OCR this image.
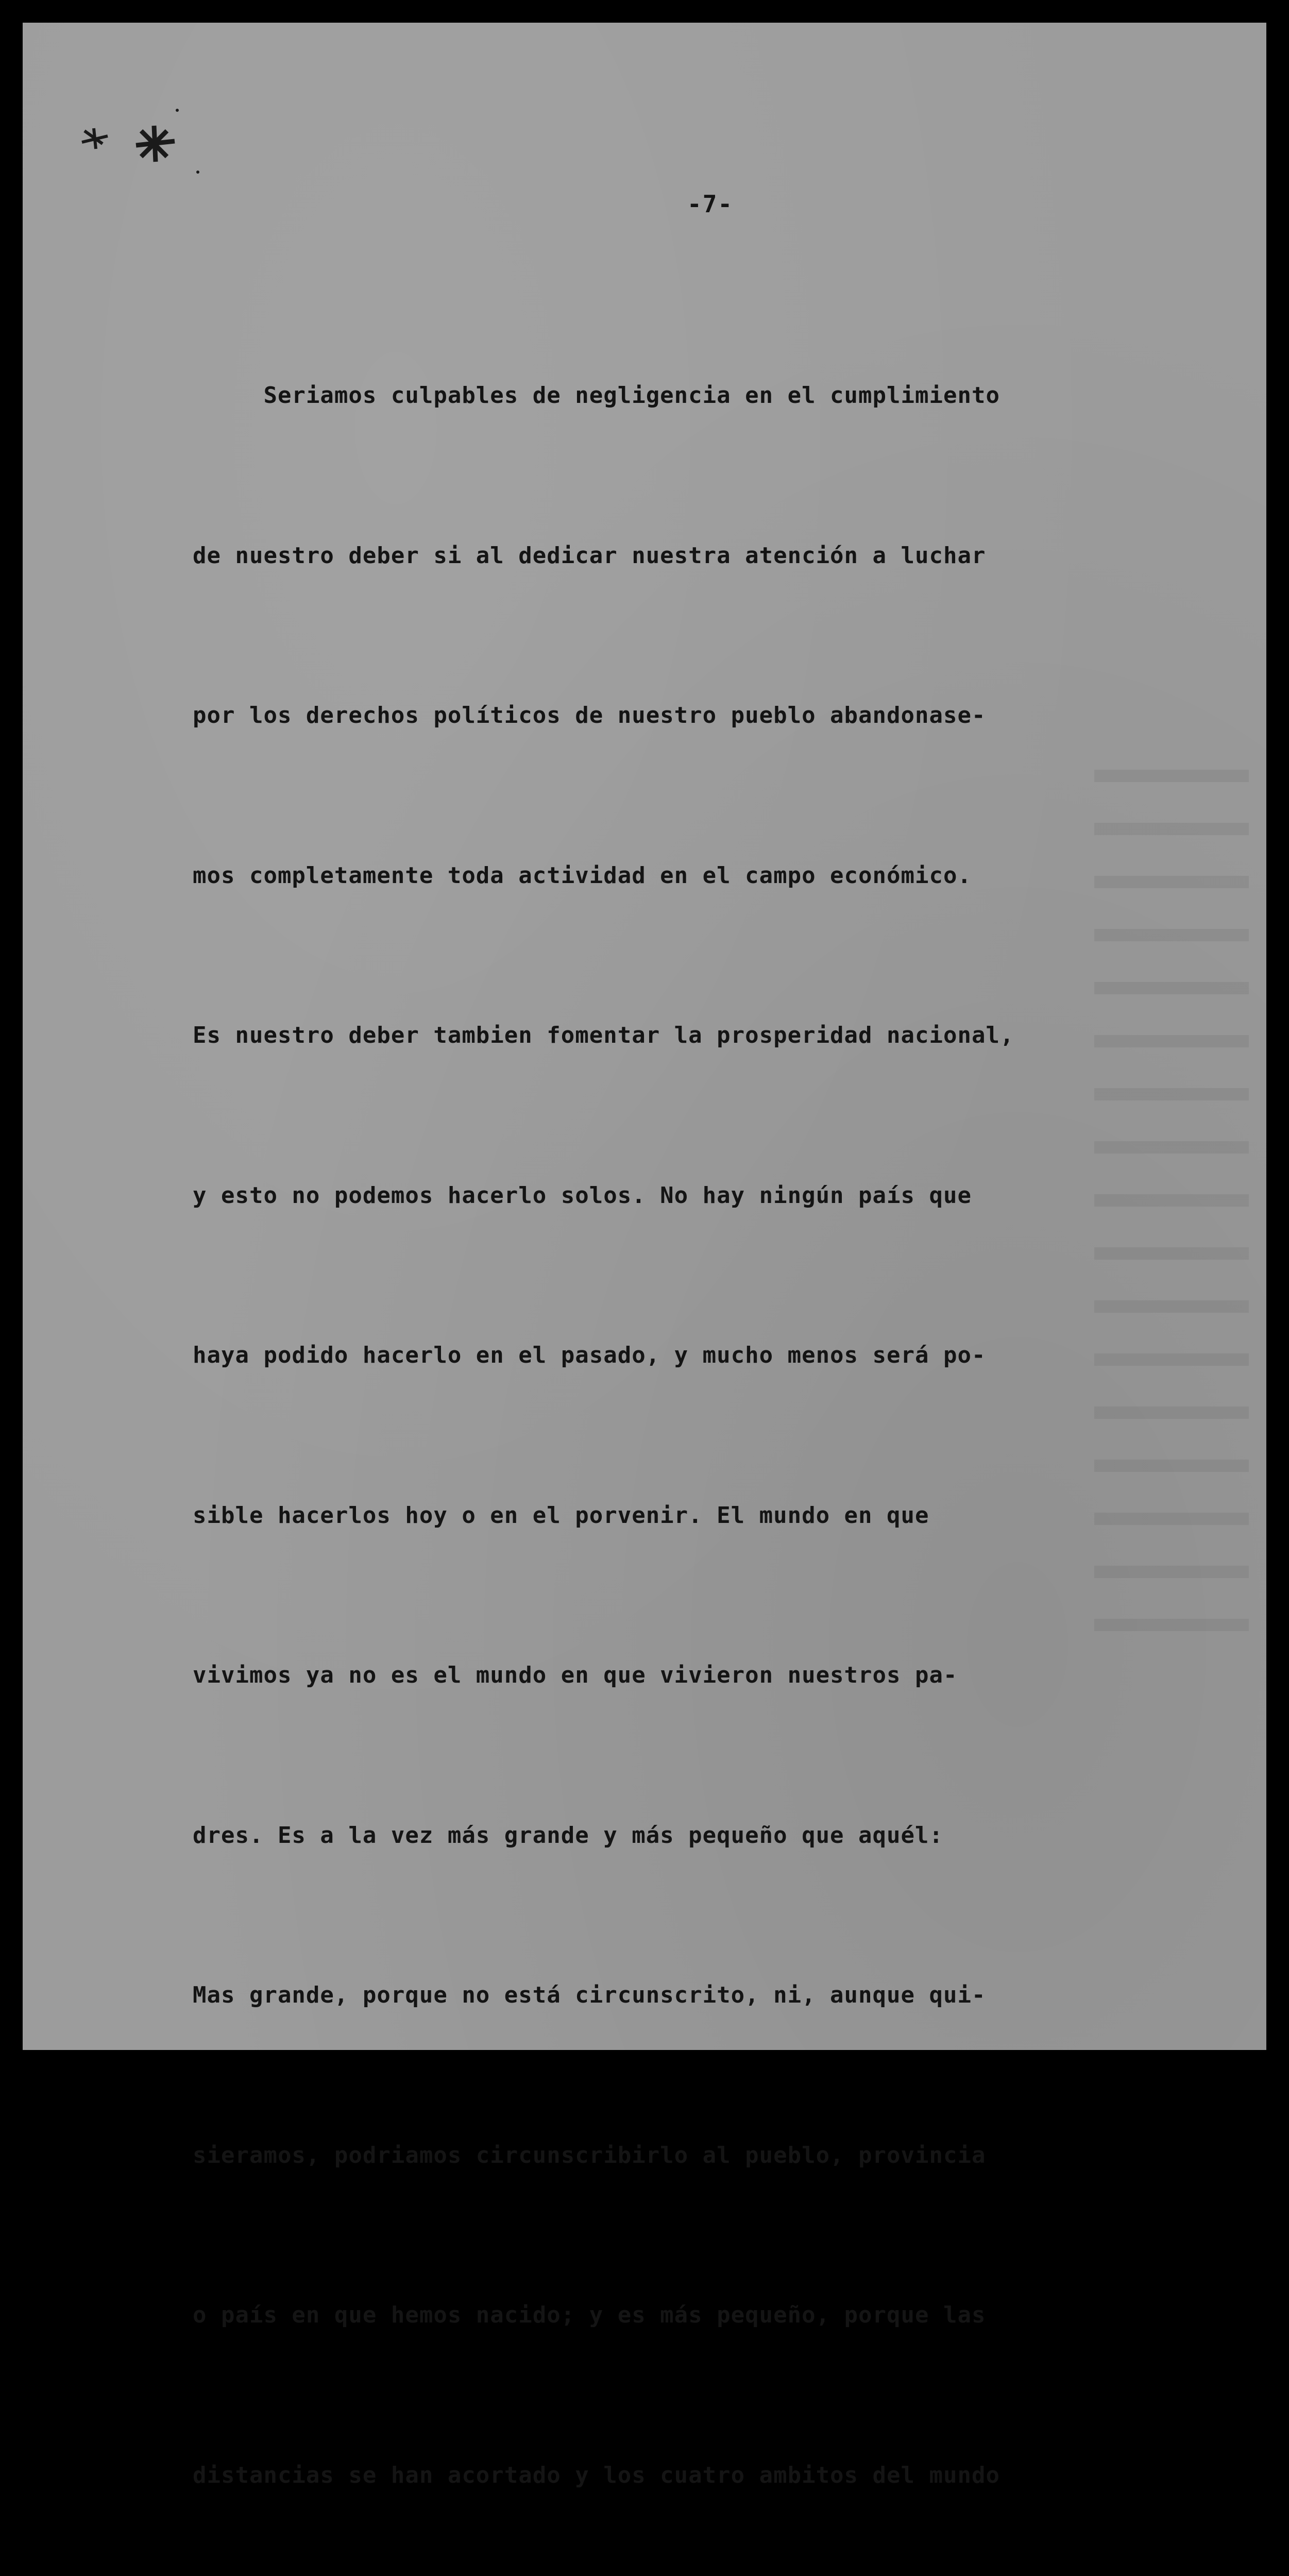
-7-

Seriamos culpables de negligencia en el cumplimiento

de nuestro deber si al dedicar nuestra atención a luchar

por los derechos políticos de nuestro pueblo abandonase-

mos completamente toda actividad en el campo económico.

Es nuestro deber tambien fomentar la prosperidad nacional,

y esto no podemos hacerlo solos. No hay ningún país que

haya podido hacerlo en el pasado, y mucho menos será po-

sible hacerlos hoy o en el porvenir. El mundo en que

vivimos ya no es el mundo en que vivieron nuestros pa-

dres. Es a la vez más grande y más pequeño que aquél:

Mas grande, porque no está circunscrito, ni, aunque qui-

sieramos, podriamos circunscribirlo al pueblo, provincia

o país en que hemos nacido; y es más pequeño, porque las

distancias se han acortado y los cuatro ambitos del mundo
